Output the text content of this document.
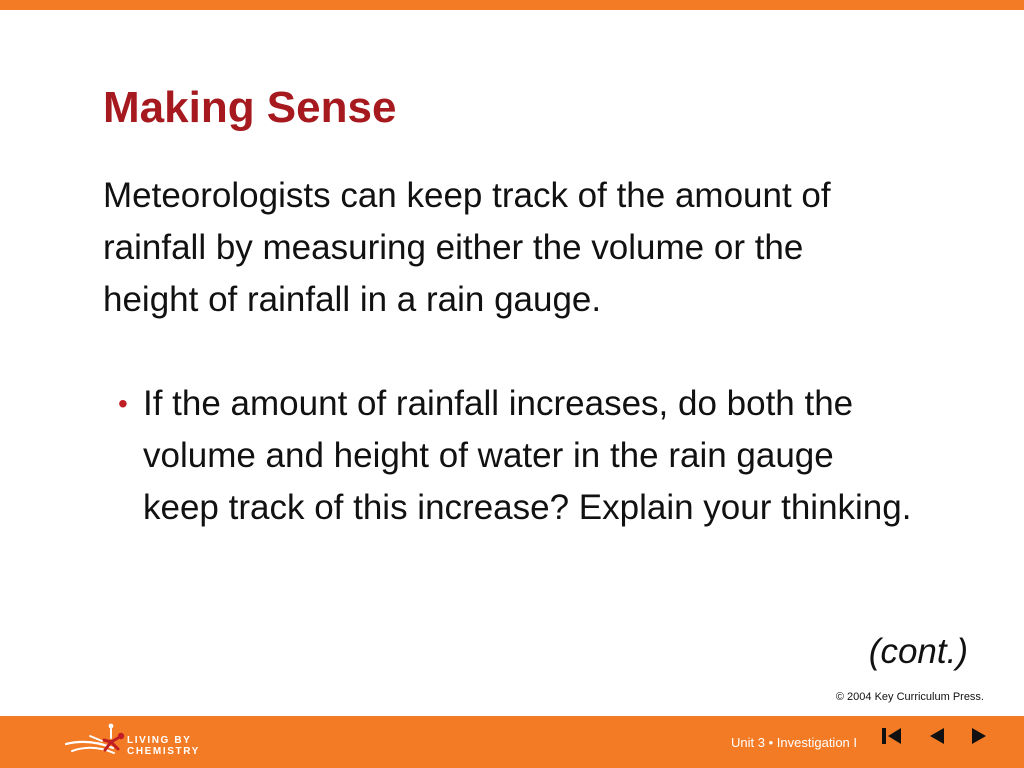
Making Sense

Meteorologists can keep track of the amount of rainfall by measuring either the volume or the height of rainfall in a rain gauge.

• If the amount of rainfall increases, do both the volume and height of water in the rain gauge keep track of this increase? Explain your thinking.
(cont.)
© 2004 Key Curriculum Press.
LIVING BY CHEMISTRY
Unit 3 • Investigation I
